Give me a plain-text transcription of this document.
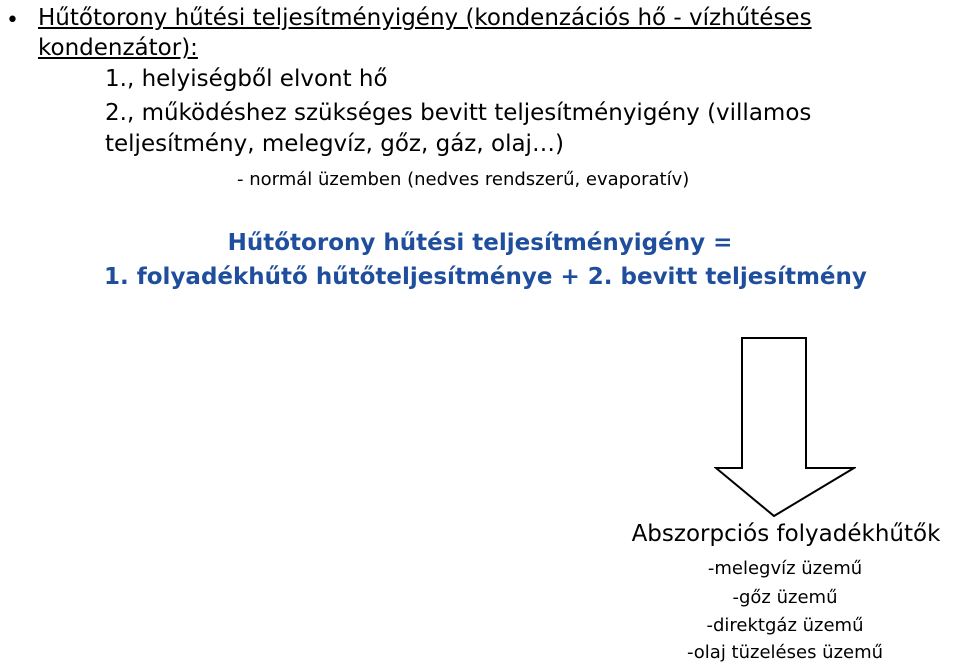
• Hűtőtorony hűtési teljesítményigény (kondenzációs hő - vízhűtéses
kondenzátor):
1., helyiségből elvont hő
2., működéshez szükséges bevitt teljesítményigény (villamos
teljesítmény, melegvíz, gőz, gáz, olaj…)
- normál üzemben (nedves rendszerű, evaporatív)
Hűtőtorony hűtési teljesítményigény =
1. folyadékhűtő hűtőteljesítménye + 2. bevitt teljesítmény
Abszorpciós folyadékhűtők
-melegvíz üzemű
-gőz üzemű
-direktgáz üzemű
-olaj tüzeléses üzemű
